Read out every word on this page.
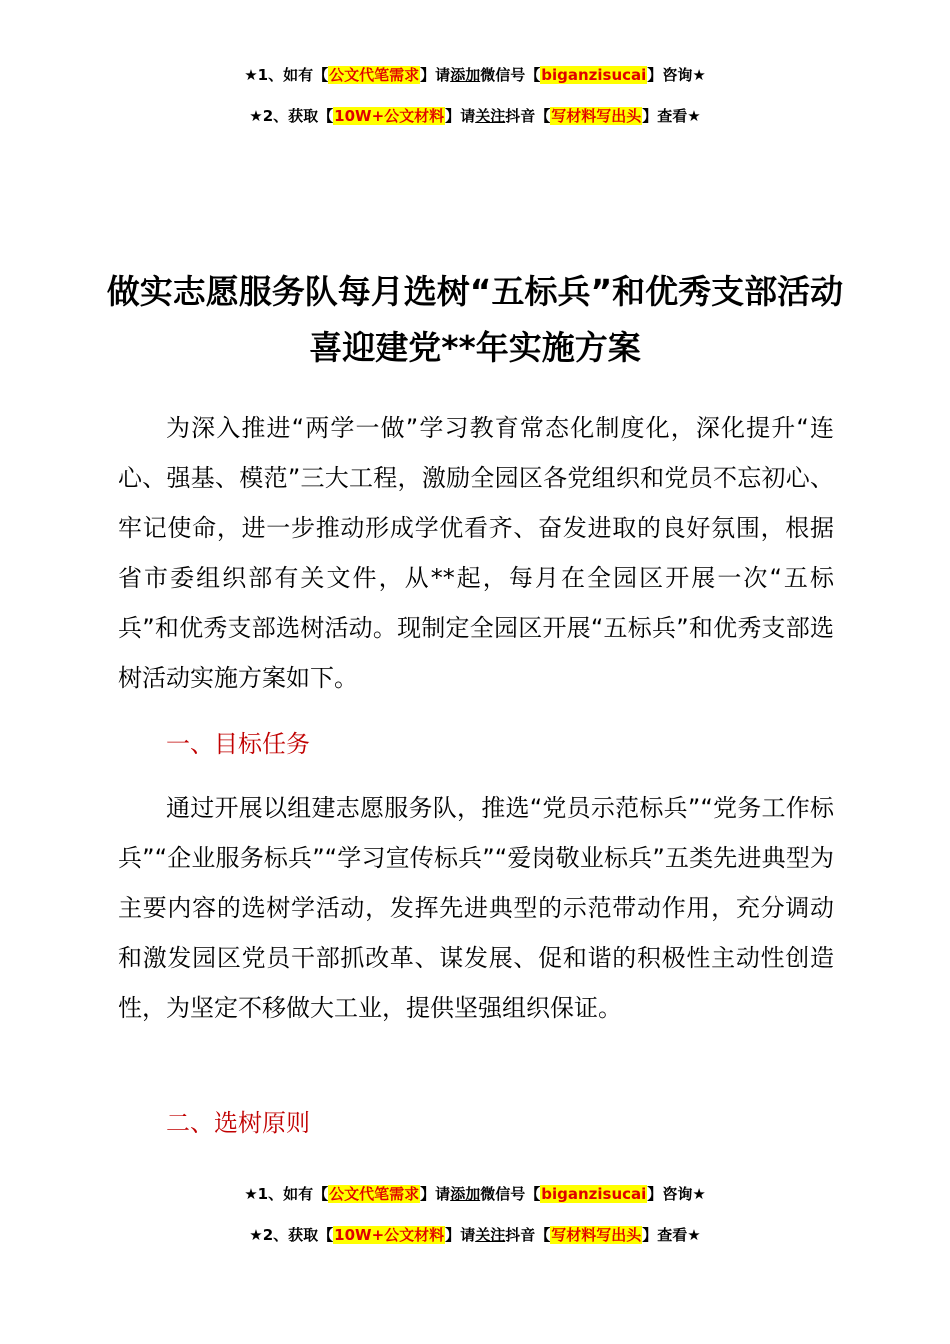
★1、如有【公文代笔需求】请添加微信号【biganzisucai】咨询★
★2、获取【10W+公文材料】请关注抖音【写材料写出头】查看★
做实志愿服务队每月选树“五标兵”和优秀支部活动喜迎建党**年实施方案
为深入推进“两学一做”学习教育常态化制度化，深化提升“连心、强基、模范”三大工程，激励全园区各党组织和党员不忘初心、牢记使命，进一步推动形成学优看齐、奋发进取的良好氛围，根据省市委组织部有关文件，从**起，每月在全园区开展一次“五标兵”和优秀支部选树活动。现制定全园区开展“五标兵”和优秀支部选树活动实施方案如下。
一、目标任务
通过开展以组建志愿服务队，推选“党员示范标兵”“党务工作标兵”“企业服务标兵”“学习宣传标兵”“爱岗敬业标兵”五类先进典型为主要内容的选树学活动，发挥先进典型的示范带动作用，充分调动和激发园区党员干部抓改革、谋发展、促和谐的积极性主动性创造性，为坚定不移做大工业，提供坚强组织保证。
二、选树原则
★1、如有【公文代笔需求】请添加微信号【biganzisucai】咨询★
★2、获取【10W+公文材料】请关注抖音【写材料写出头】查看★
